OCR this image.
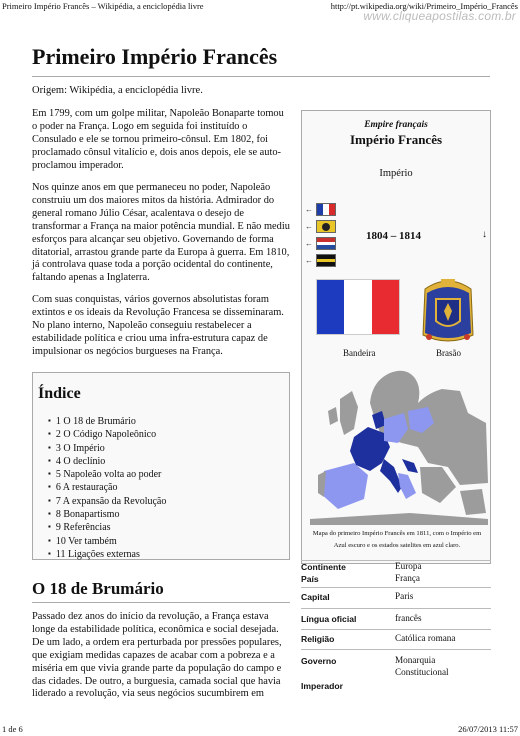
Primeiro Império Francês – Wikipédia, a enciclopédia livre	http://pt.wikipedia.org/wiki/Primeiro_Império_Francês
www.cliqueapostilas.com.br
Primeiro Império Francês
Origem: Wikipédia, a enciclopédia livre.

Em 1799, com um golpe militar, Napoleão Bonaparte tomou o poder na França. Logo em seguida foi instituído o Consulado e ele se tornou primeiro-cônsul. Em 1802, foi proclamado cônsul vitalício e, dois anos depois, ele se auto-proclamou imperador.

Nos quinze anos em que permaneceu no poder, Napoleão construiu um dos maiores mitos da história. Admirador do general romano Júlio César, acalentava o desejo de transformar a França na maior potência mundial. E não mediu esforços para alcançar seu objetivo. Governando de forma ditatorial, arrastou grande parte da Europa à guerra. Em 1810, já controlava quase toda a porção ocidental do continente, faltando apenas a Inglaterra.

Com suas conquistas, vários governos absolutistas foram extintos e os ideais da Revolução Francesa se disseminaram. No plano interno, Napoleão conseguiu restabelecer a estabilidade política e criou uma infra-estrutura capaz de impulsionar os negócios burgueses na França.

Índice
▪ 1 O 18 de Brumário
▪ 2 O Código Napoleônico
▪ 3 O Império
▪ 4 O declínio
▪ 5 Napoleão volta ao poder
▪ 6 A restauração
▪ 7 A expansão da Revolução
▪ 8 Bonapartismo
▪ 9 Referências
▪ 10 Ver também
▪ 11 Ligações externas
O 18 de Brumário

Passado dez anos do início da revolução, a França estava longe da estabilidade política, econômica e social desejada. De um lado, a ordem era perturbada por pressões populares, que exigiam medidas capazes de acabar com a pobreza e a miséria em que vivia grande parte da população do campo e das cidades. De outro, a burguesia, camada social que havia liderado a revolução, via seus negócios sucumbirem em

Empire français
Império Francês
Império
←
←
←
←
1804 – 1814	↓
Bandeira	Brasão
Mapa do primeiro Império Francês em 1811, com o Império em Azul escuro e os estados satelites em azul claro.
Continente	Europa
País	França
Capital	Paris
Língua oficial	francês
Religião	Católica romana
Governo	Monarquia
Constitucional
Imperador
1 de 6	26/07/2013 11:57
